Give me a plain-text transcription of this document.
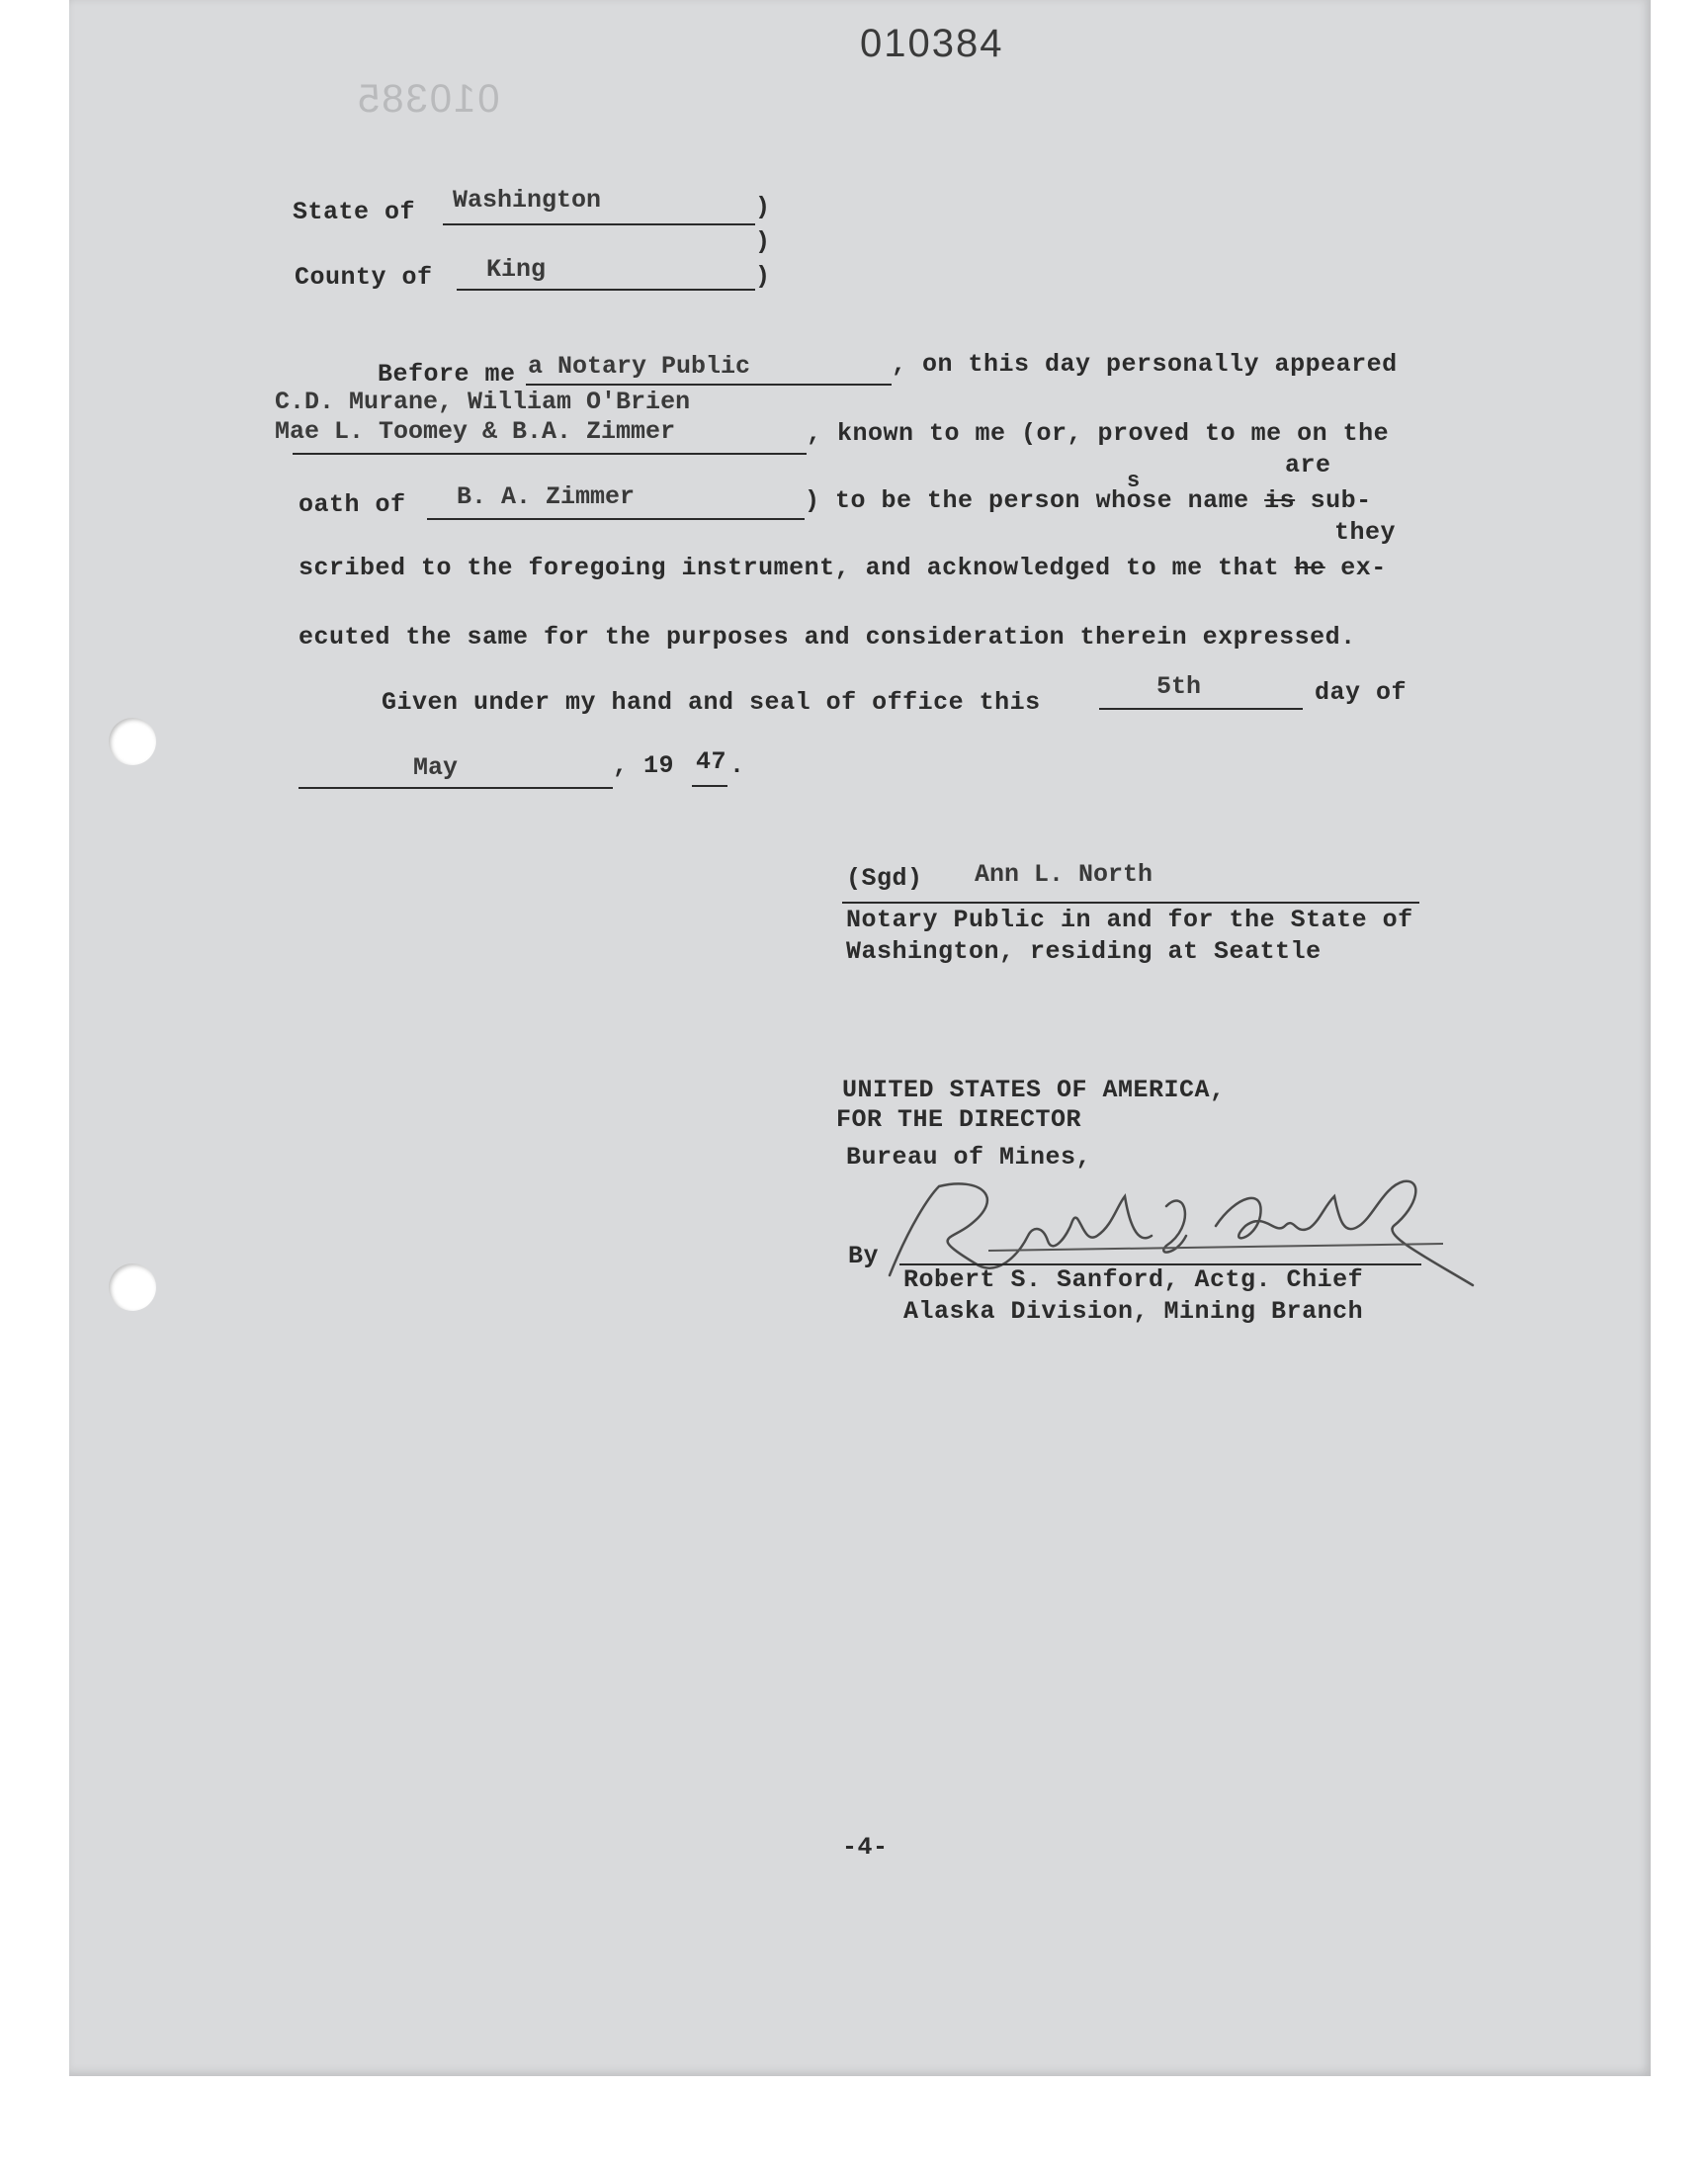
010384
010385
State of Washington	)
)
)
County of King
Before me a Notary Public	, on this day personally appeared
C.D. Murane, William O'Brien
Mae L. Toomey & B.A. Zimmer	, known to me (or, proved to me on the
s
are
oath of B. A. Zimmer	) to be the person whose name is sub-
they
scribed to the foregoing instrument, and acknowledged to me that he ex-
ecuted the same for the purposes and consideration therein expressed.
Given under my hand and seal of office this
5th	day of
May	, 19 47 .
(Sgd) Ann L. North
Notary Public in and for the State of
Washington, residing at Seattle
UNITED STATES OF AMERICA,
FOR THE DIRECTOR
Bureau of Mines,
By
Robert S. Sanford, Actg. Chief
Alaska Division, Mining Branch
-4-
